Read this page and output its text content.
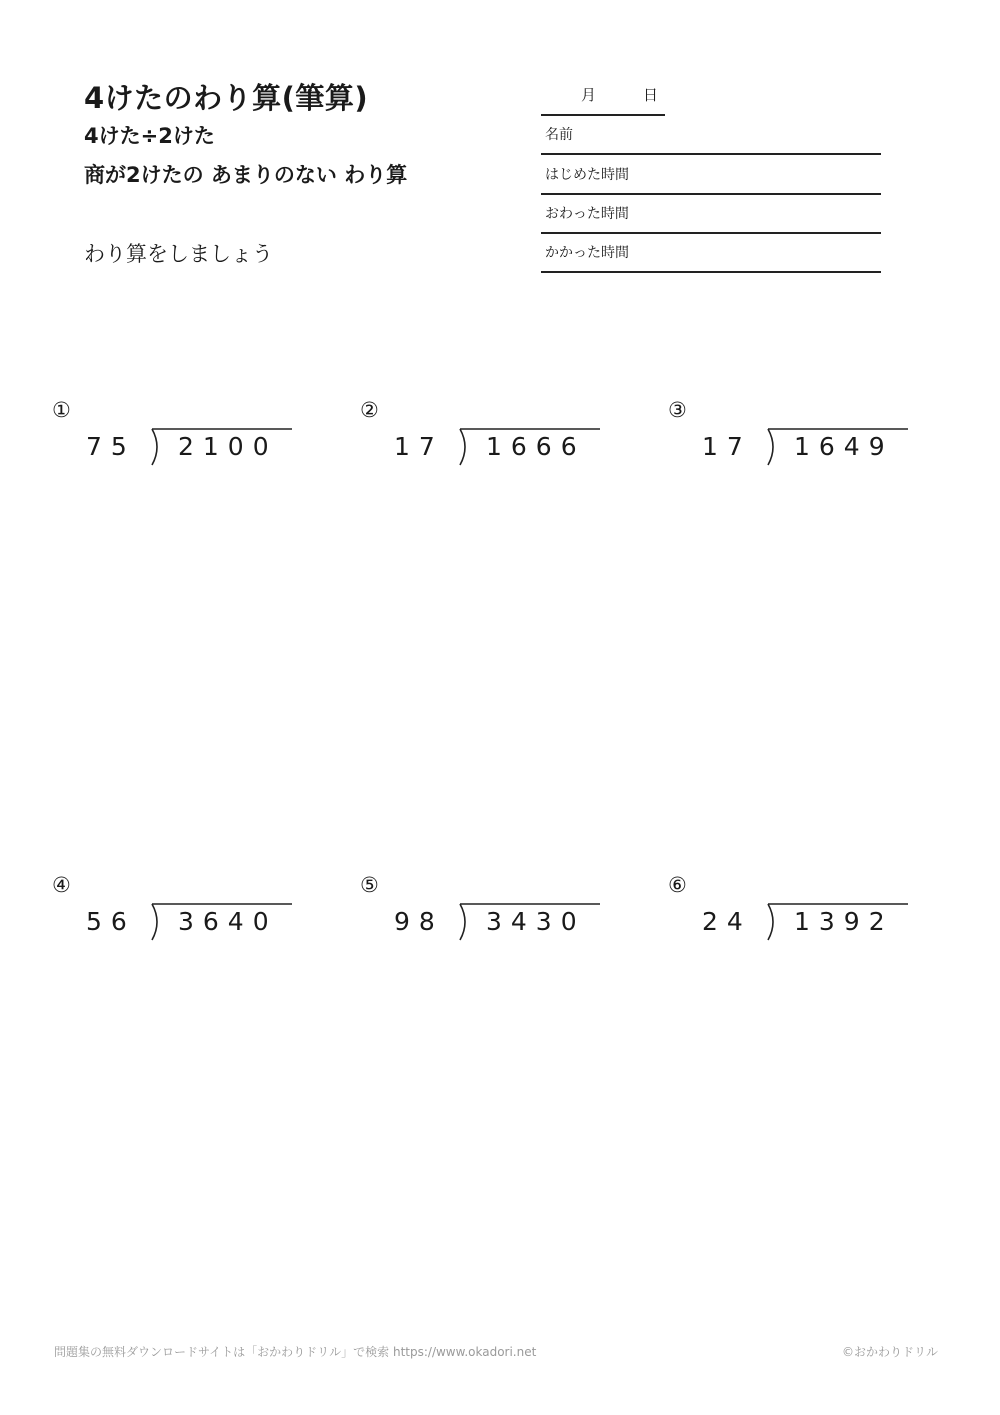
4けたのわり算(筆算)
4けた÷2けた
商が2けたの あまりのない わり算
わり算をしましょう
月	日
名前
はじめた時間
おわった時間
かかった時間
①
75 2100
②
17 1666
③
17 1649
④
56 3640
⑤
98 3430
⑥
24 1392
問題集の無料ダウンロードサイトは「おかわりドリル」で検索 https://www.okadori.net	©おかわりドリル
